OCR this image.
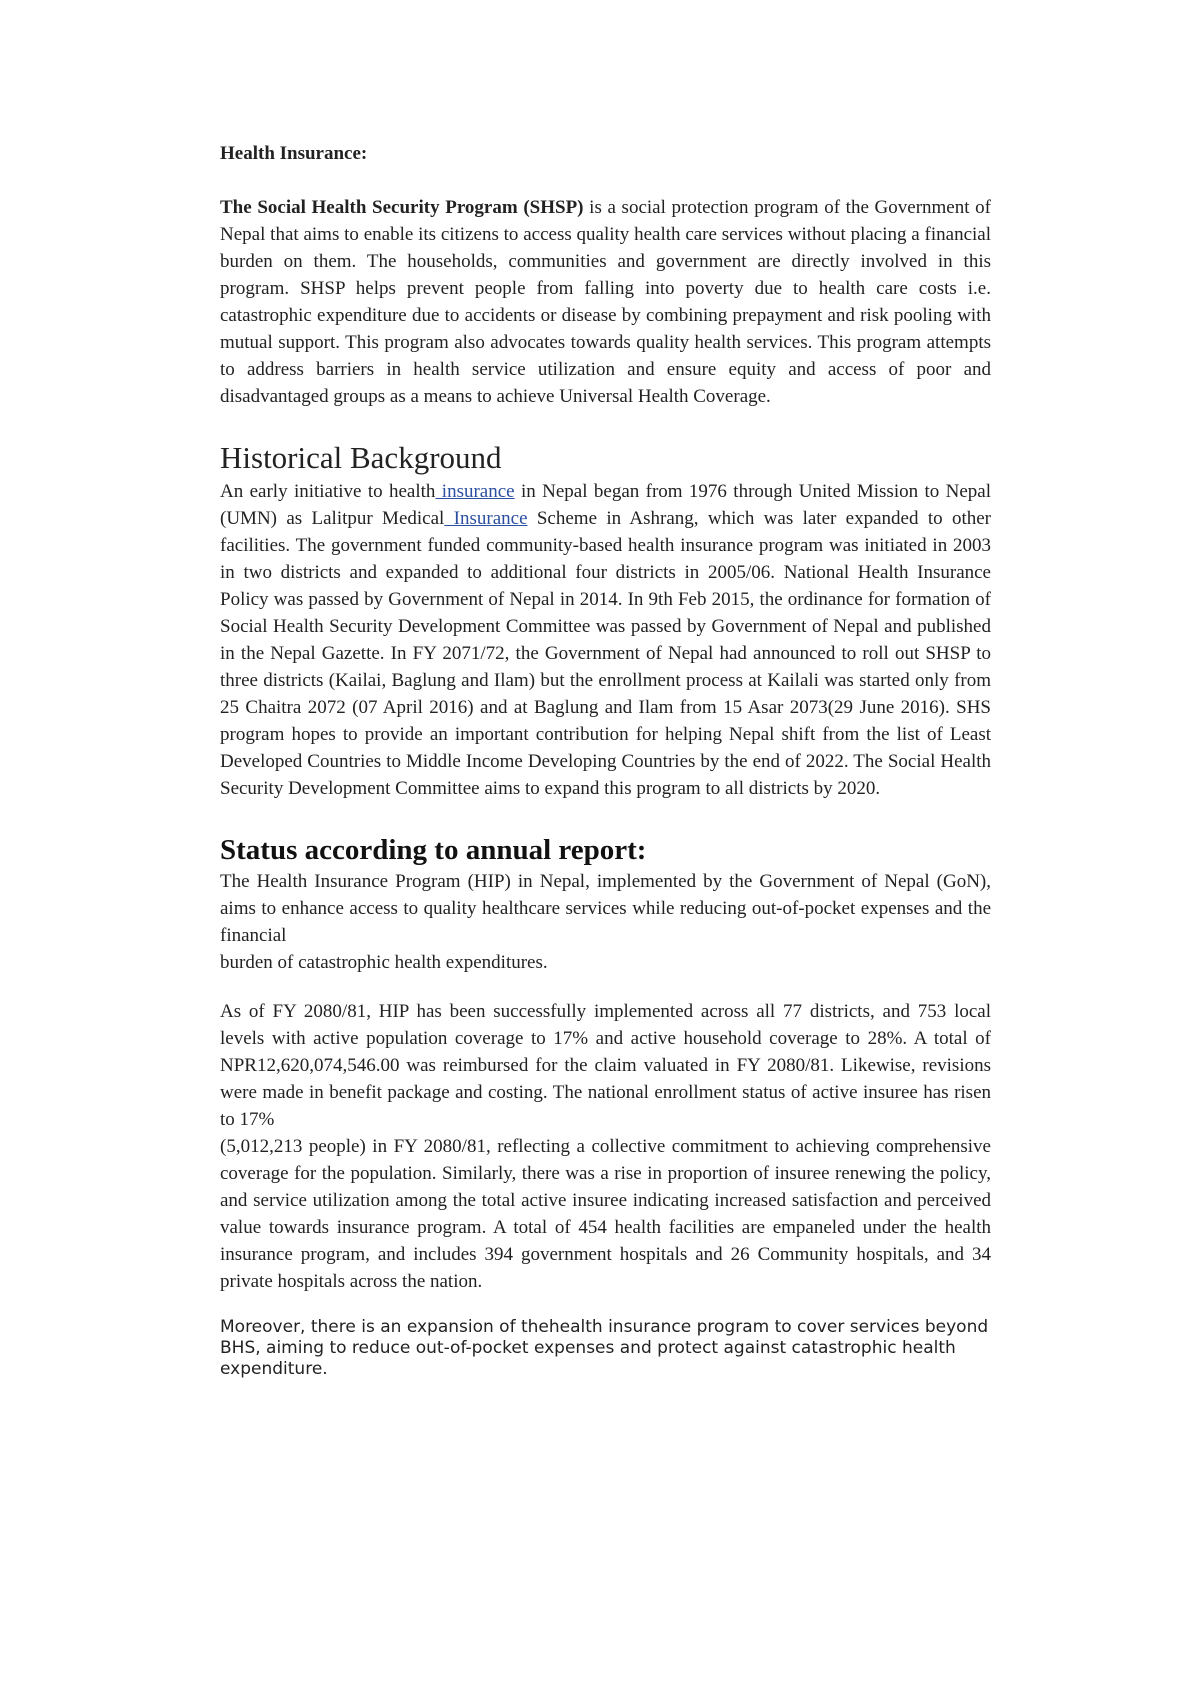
Health Insurance:

The Social Health Security Program (SHSP) is a social protection program of the Government of Nepal that aims to enable its citizens to access quality health care services without placing a financial burden on them. The households, communities and government are directly involved in this program. SHSP helps prevent people from falling into poverty due to health care costs i.e. catastrophic expenditure due to accidents or disease by combining prepayment and risk pooling with mutual support. This program also advocates towards quality health services. This program attempts to address barriers in health service utilization and ensure equity and access of poor and disadvantaged groups as a means to achieve Universal Health Coverage.

Historical Background

An early initiative to health insurance in Nepal began from 1976 through United Mission to Nepal (UMN) as Lalitpur Medical Insurance Scheme in Ashrang, which was later expanded to other facilities. The government funded community-based health insurance program was initiated in 2003 in two districts and expanded to additional four districts in 2005/06. National Health Insurance Policy was passed by Government of Nepal in 2014. In 9th Feb 2015, the ordinance for formation of Social Health Security Development Committee was passed by Government of Nepal and published in the Nepal Gazette. In FY 2071/72, the Government of Nepal had announced to roll out SHSP to three districts (Kailai, Baglung and Ilam) but the enrollment process at Kailali was started only from 25 Chaitra 2072 (07 April 2016) and at Baglung and Ilam from 15 Asar 2073(29 June 2016). SHS program hopes to provide an important contribution for helping Nepal shift from the list of Least Developed Countries to Middle Income Developing Countries by the end of 2022. The Social Health Security Development Committee aims to expand this program to all districts by 2020.

Status according to annual report:

The Health Insurance Program (HIP) in Nepal, implemented by the Government of Nepal (GoN), aims to enhance access to quality healthcare services while reducing out-of-pocket expenses and the financial

burden of catastrophic health expenditures.

As of FY 2080/81, HIP has been successfully implemented across all 77 districts, and 753 local levels with active population coverage to 17% and active household coverage to 28%. A total of NPR12,620,074,546.00 was reimbursed for the claim valuated in FY 2080/81. Likewise, revisions were made in benefit package and costing. The national enrollment status of active insuree has risen to 17%

(5,012,213 people) in FY 2080/81, reflecting a collective commitment to achieving comprehensive coverage for the population. Similarly, there was a rise in proportion of insuree renewing the policy, and service utilization among the total active insuree indicating increased satisfaction and perceived value towards insurance program. A total of 454 health facilities are empaneled under the health insurance program, and includes 394 government hospitals and 26 Community hospitals, and 34 private hospitals across the nation.

Moreover, there is an expansion of thehealth insurance program to cover services beyond BHS, aiming to reduce out-of-pocket expenses and protect against catastrophic health expenditure.
